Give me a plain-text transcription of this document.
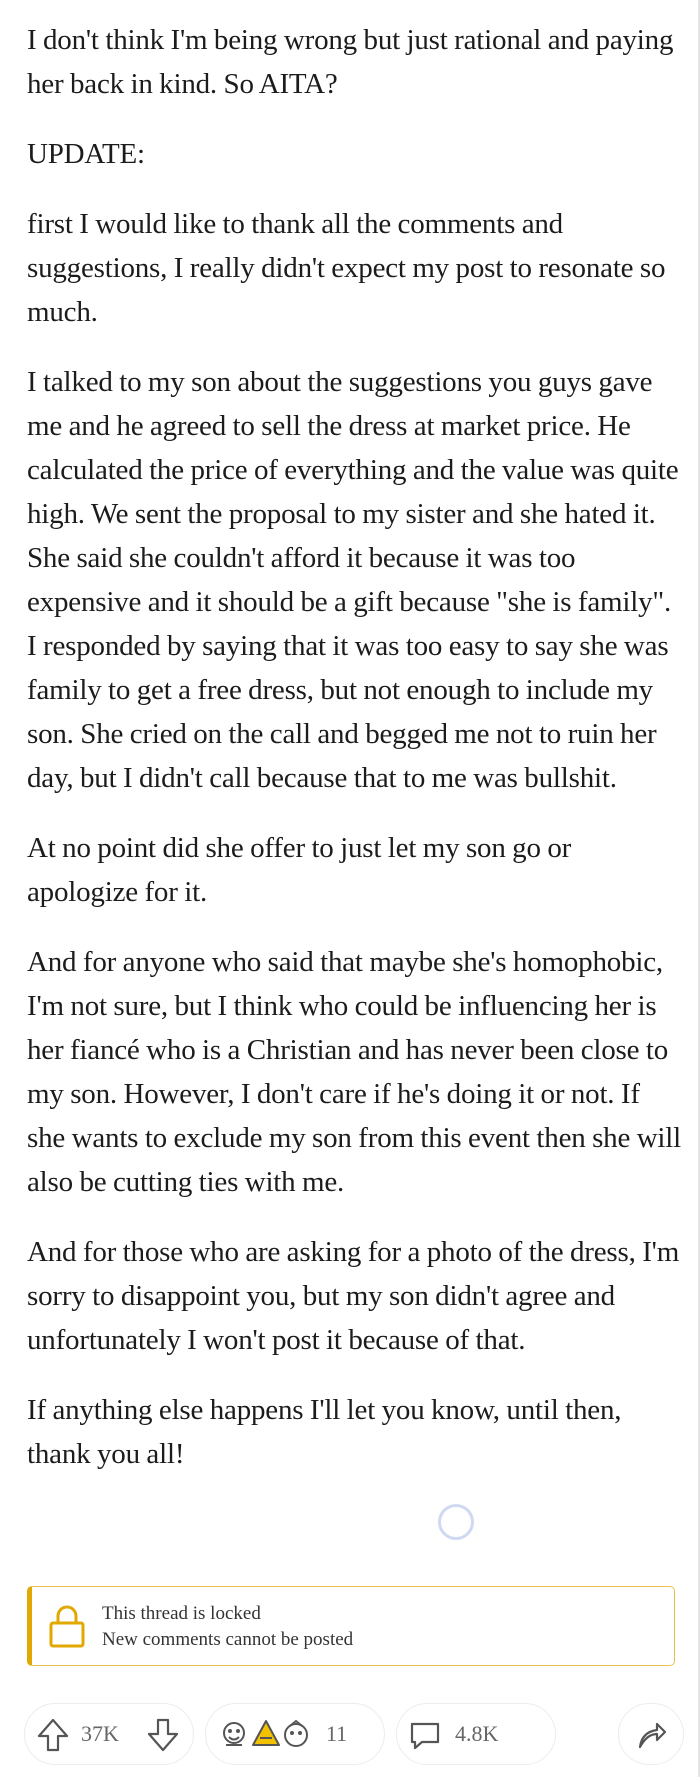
I don't think I'm being wrong but just rational and paying her back in kind. So AITA?

UPDATE:

first I would like to thank all the comments and suggestions, I really didn't expect my post to resonate so much.

I talked to my son about the suggestions you guys gave me and he agreed to sell the dress at market price. He calculated the price of everything and the value was quite high. We sent the proposal to my sister and she hated it. She said she couldn't afford it because it was too expensive and it should be a gift because "she is family". I responded by saying that it was too easy to say she was family to get a free dress, but not enough to include my son. She cried on the call and begged me not to ruin her day, but I didn't call because that to me was bullshit.

At no point did she offer to just let my son go or apologize for it.

And for anyone who said that maybe she's homophobic, I'm not sure, but I think who could be influencing her is her fiancé who is a Christian and has never been close to my son. However, I don't care if he's doing it or not. If she wants to exclude my son from this event then she will also be cutting ties with me.

And for those who are asking for a photo of the dress, I'm sorry to disappoint you, but my son didn't agree and unfortunately I won't post it because of that.

If anything else happens I'll let you know, until then, thank you all!

This thread is locked
New comments cannot be posted
37K	11	4.8K
